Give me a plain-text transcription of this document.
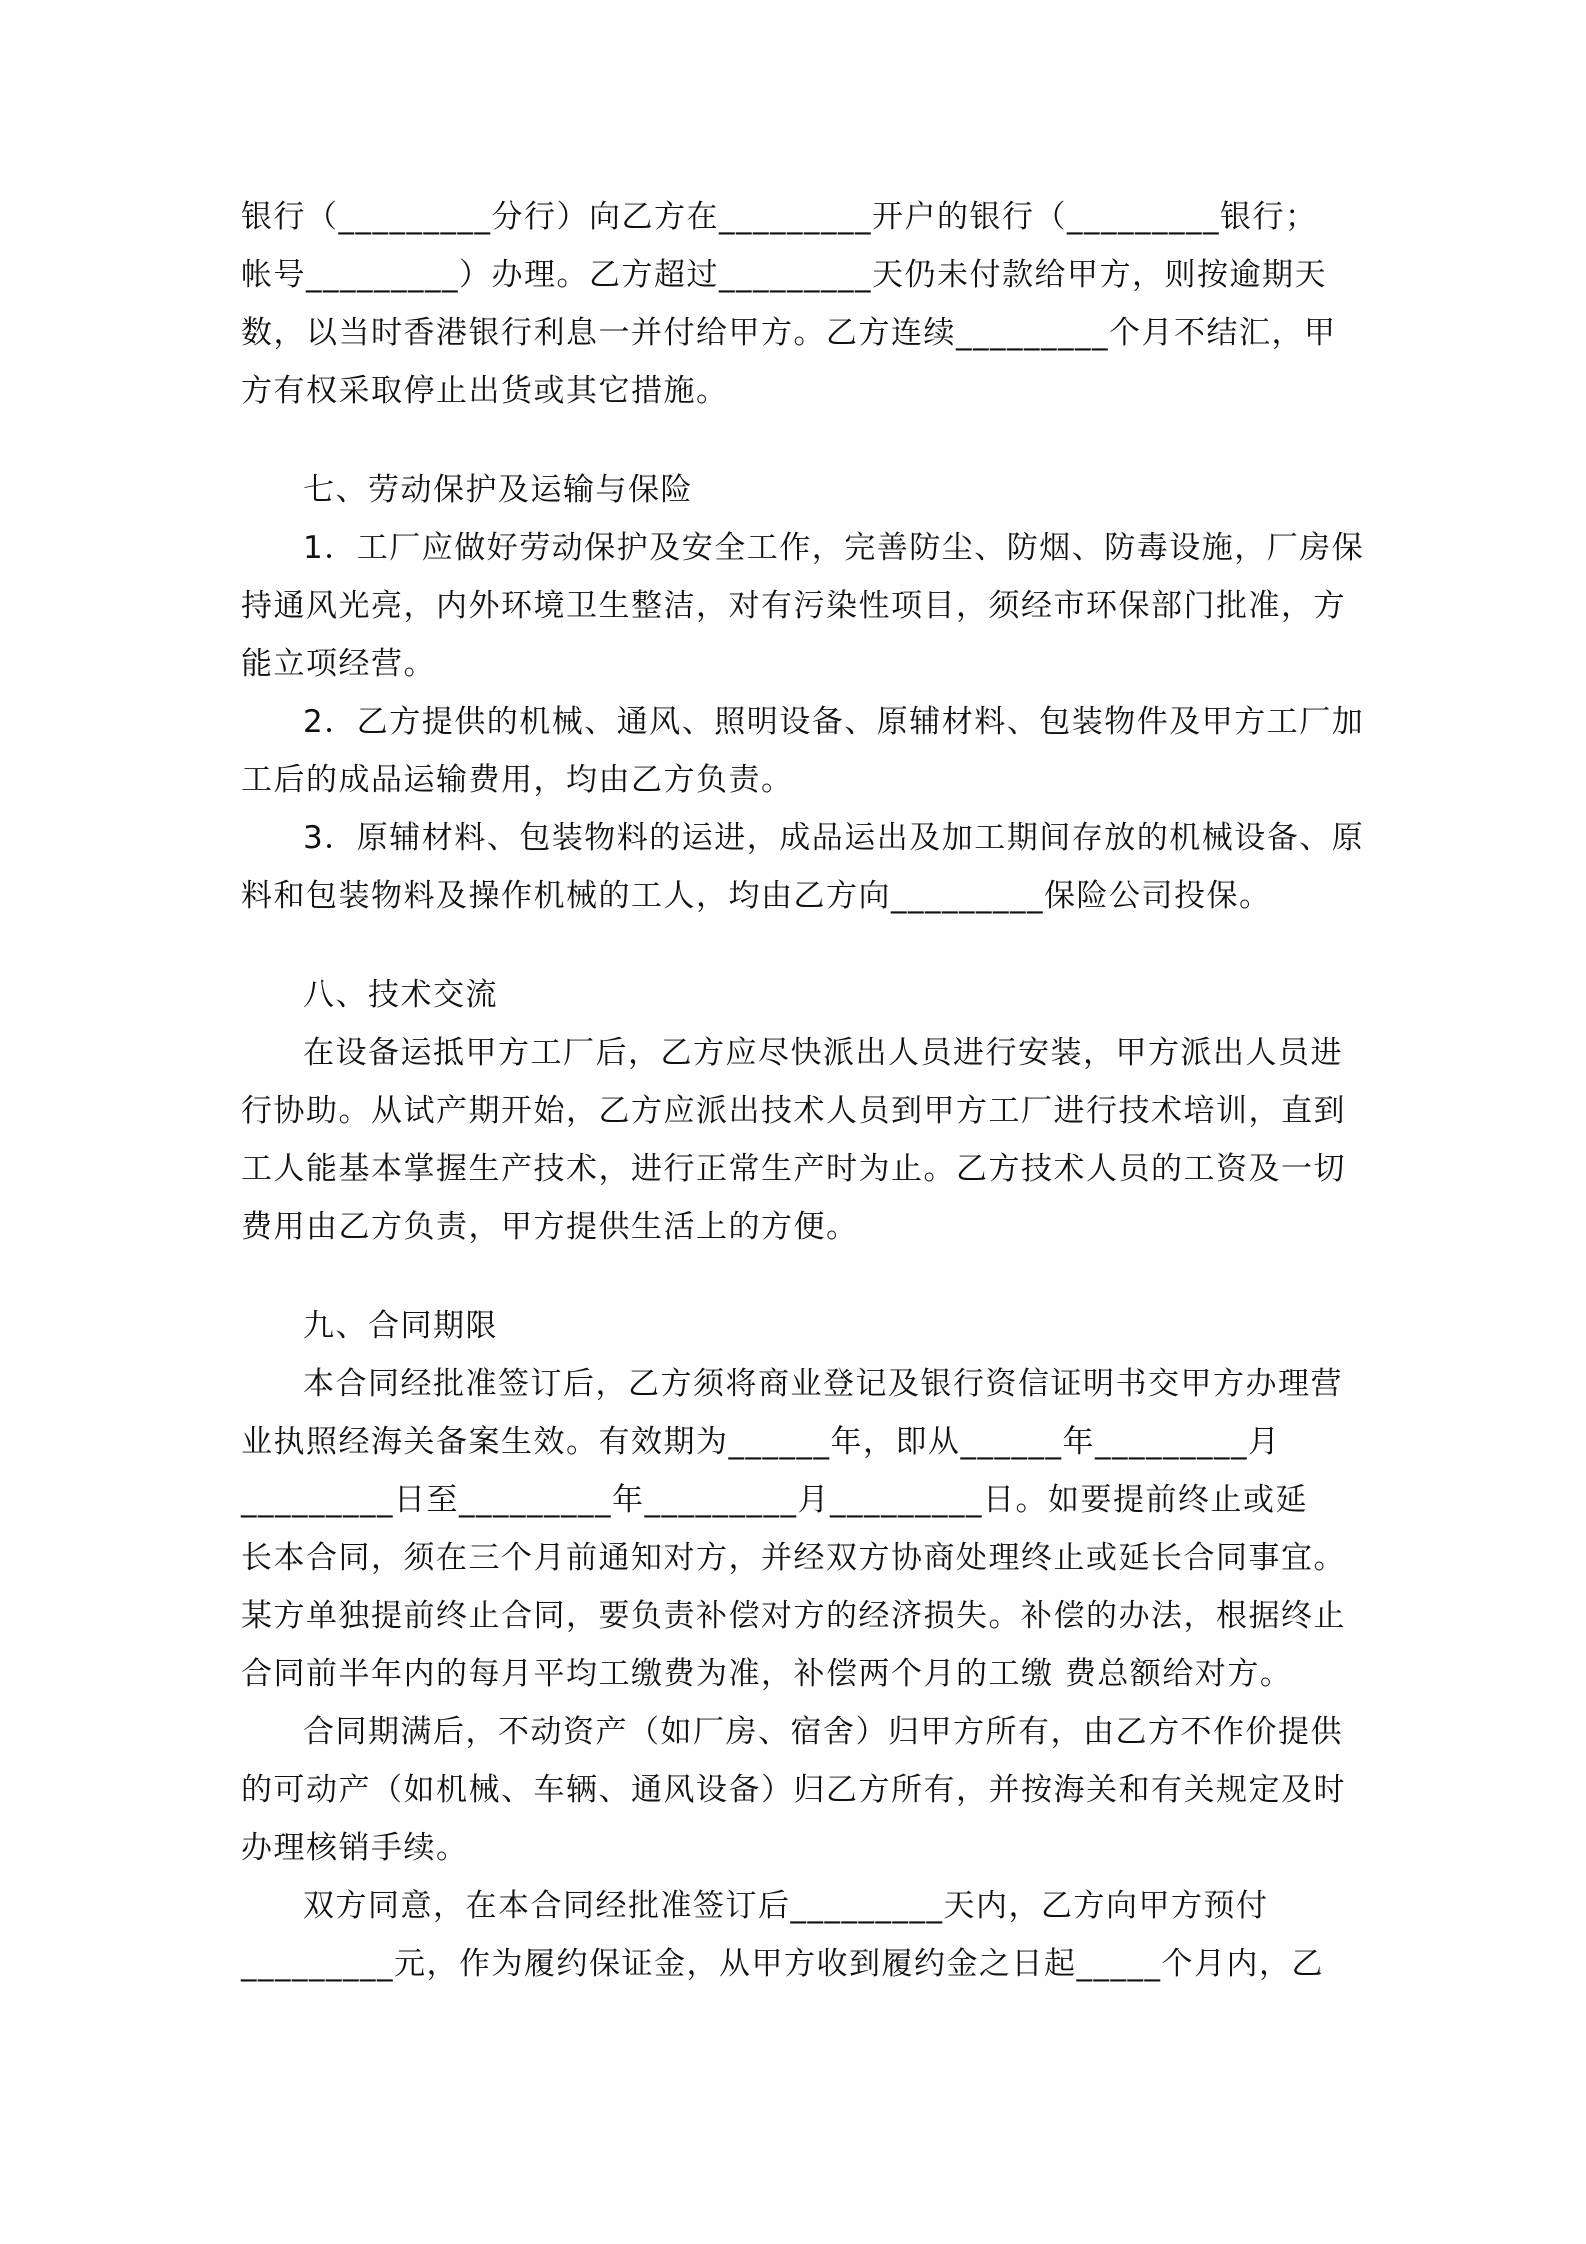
银行（_________分行）向乙方在_________开户的银行（_________银行；
帐号_________）办理。乙方超过_________天仍未付款给甲方，则按逾期天
数，以当时香港银行利息一并付给甲方。乙方连续_________个月不结汇，甲
方有权采取停止出货或其它措施。
七、劳动保护及运输与保险
1．工厂应做好劳动保护及安全工作，完善防尘、防烟、防毒设施，厂房保
持通风光亮，内外环境卫生整洁，对有污染性项目，须经市环保部门批准，方
能立项经营。
2．乙方提供的机械、通风、照明设备、原辅材料、包装物件及甲方工厂加
工后的成品运输费用，均由乙方负责。
3．原辅材料、包装物料的运进，成品运出及加工期间存放的机械设备、原
料和包装物料及操作机械的工人，均由乙方向_________保险公司投保。
八、技术交流
在设备运抵甲方工厂后，乙方应尽快派出人员进行安装，甲方派出人员进
行协助。从试产期开始，乙方应派出技术人员到甲方工厂进行技术培训，直到
工人能基本掌握生产技术，进行正常生产时为止。乙方技术人员的工资及一切
费用由乙方负责，甲方提供生活上的方便。
九、合同期限
本合同经批准签订后，乙方须将商业登记及银行资信证明书交甲方办理营
业执照经海关备案生效。有效期为______年，即从______年_________月
_________日至_________年_________月_________日。如要提前终止或延
长本合同，须在三个月前通知对方，并经双方协商处理终止或延长合同事宜。
某方单独提前终止合同，要负责补偿对方的经济损失。补偿的办法，根据终止
合同前半年内的每月平均工缴费为准，补偿两个月的工缴 费总额给对方。
合同期满后，不动资产（如厂房、宿舍）归甲方所有，由乙方不作价提供
的可动产（如机械、车辆、通风设备）归乙方所有，并按海关和有关规定及时
办理核销手续。
双方同意，在本合同经批准签订后_________天内，乙方向甲方预付
_________元，作为履约保证金，从甲方收到履约金之日起_____个月内，乙
